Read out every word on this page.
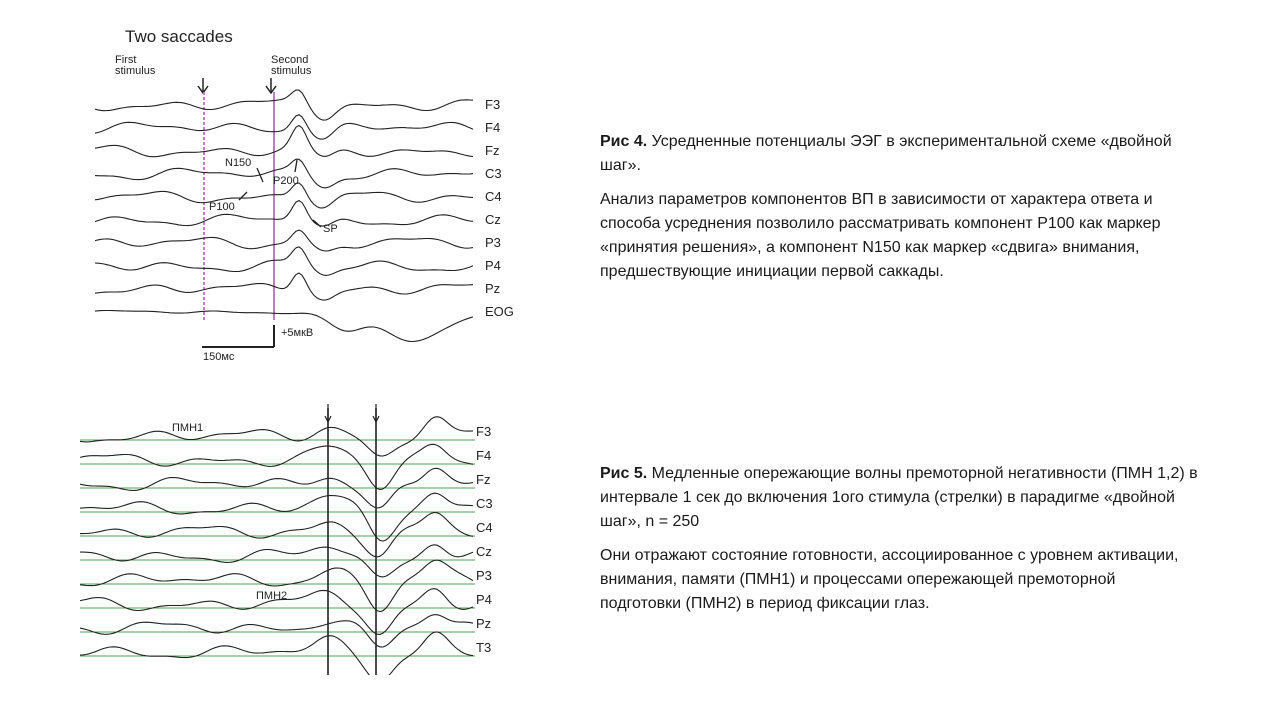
Two saccades
First
stimulus
Second
stimulus
F3
F4
Fz
C3
C4
Cz
P3
P4
Pz
EOG
N150
P200
P100
SP
+5мкВ
150мс

Рис 4. Усредненные потенциалы ЭЭГ в экспериментальной схеме «двойной шаг».

Анализ параметров компонентов ВП в зависимости от характера ответа и способа усреднения позволило рассматривать компонент Р100 как маркер «принятия решения», а компонент N150 как маркер «сдвига» внимания, предшествующие инициации первой саккады.

ПМН1
ПМН2
F3
F4
Fz
C3
C4
Cz
P3
P4
Pz
T3

Рис 5. Медленные опережающие волны премоторной негативности (ПМН 1,2) в интервале 1 сек до включения 1ого стимула (стрелки) в парадигме «двойной шаг», n = 250

Они отражают состояние готовности, ассоциированное с уровнем активации, внимания, памяти (ПМН1) и процессами опережающей премоторной подготовки (ПМН2) в период фиксации глаз.
